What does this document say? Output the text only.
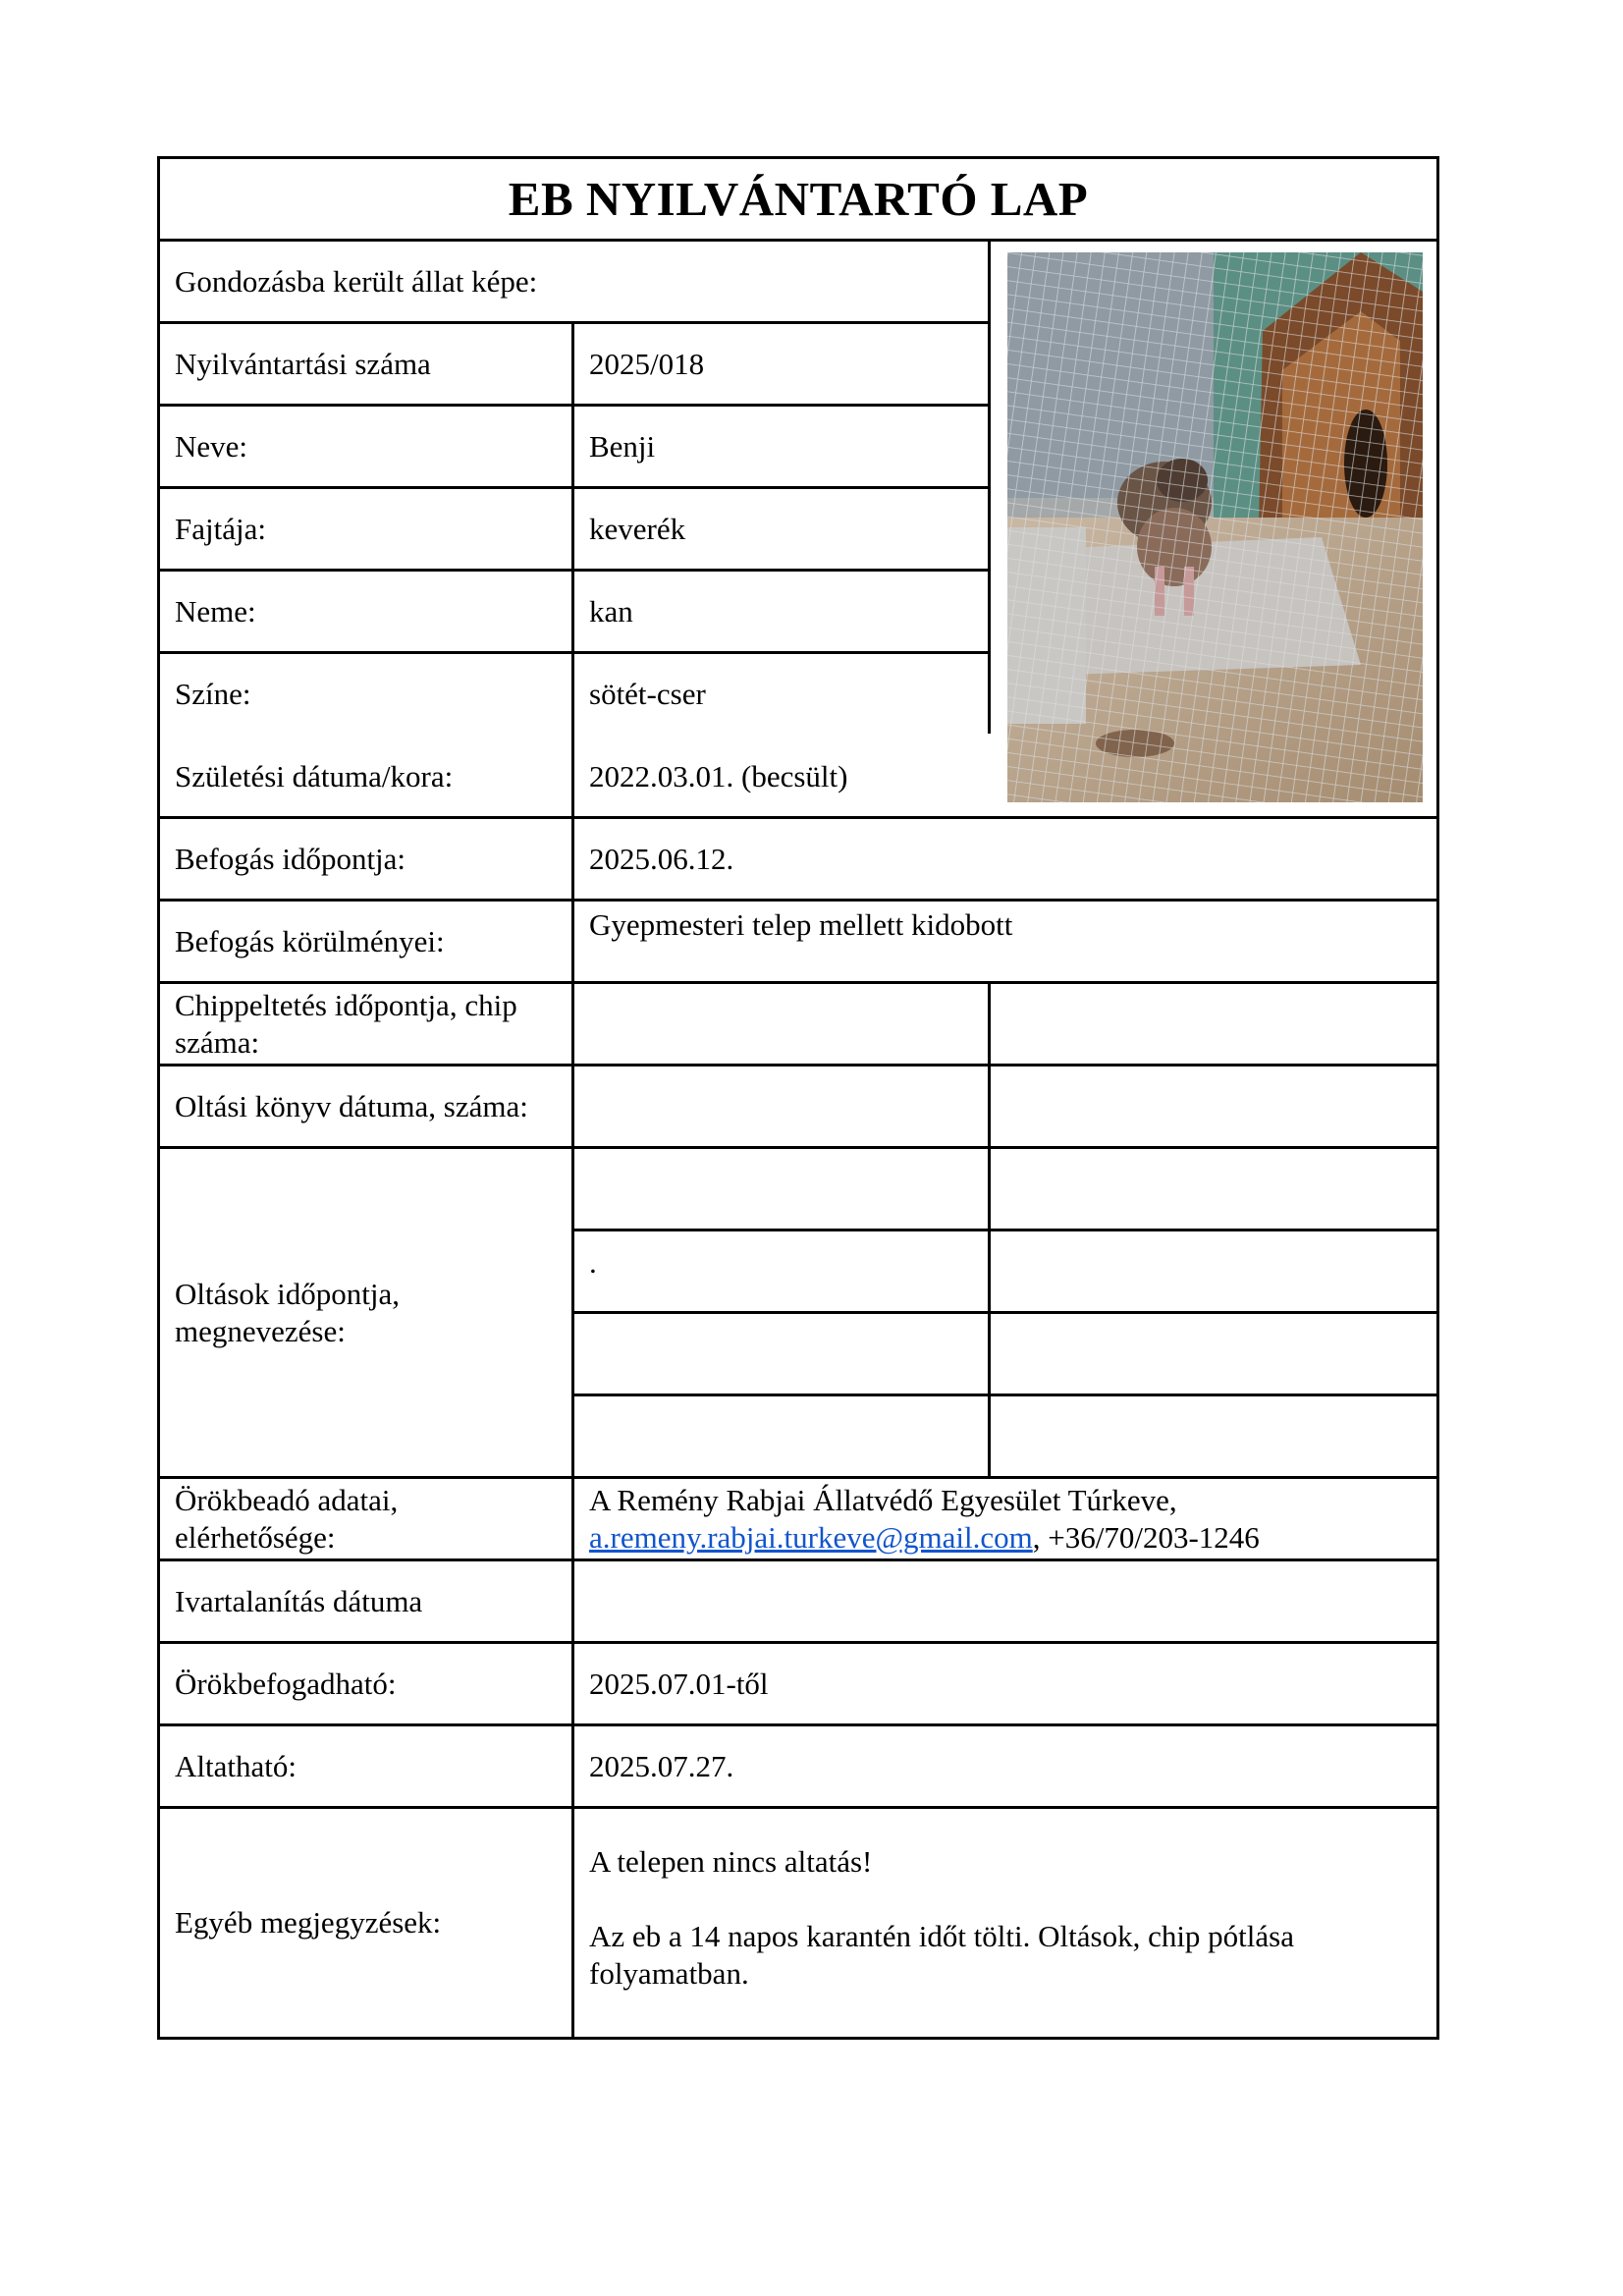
EB NYILVÁNTARTÓ LAP
Gondozásba került állat képe:
Nyilvántartási száma	2025/018
Neve:	Benji
Fajtája:	keverék
Neme:	kan
Színe:	sötét-cser
Születési dátuma/kora:	2022.03.01. (becsült)
Befogás időpontja:	2025.06.12.
Befogás körülményei:	Gyepmesteri telep mellett kidobott
Chippeltetés időpontja, chip száma:
Oltási könyv dátuma, száma:
Oltások időpontja, megnevezése:
.
Örökbeadó adatai, elérhetősége:
A Remény Rabjai Állatvédő Egyesület Túrkeve,
a.remeny.rabjai.turkeve@gmail.com, +36/70/203-1246
Ivartalanítás dátuma
Örökbefogadható:	2025.07.01-től
Altatható:	2025.07.27.
Egyéb megjegyzések:
A telepen nincs altatás!
Az eb a 14 napos karantén időt tölti. Oltások, chip pótlása folyamatban.
